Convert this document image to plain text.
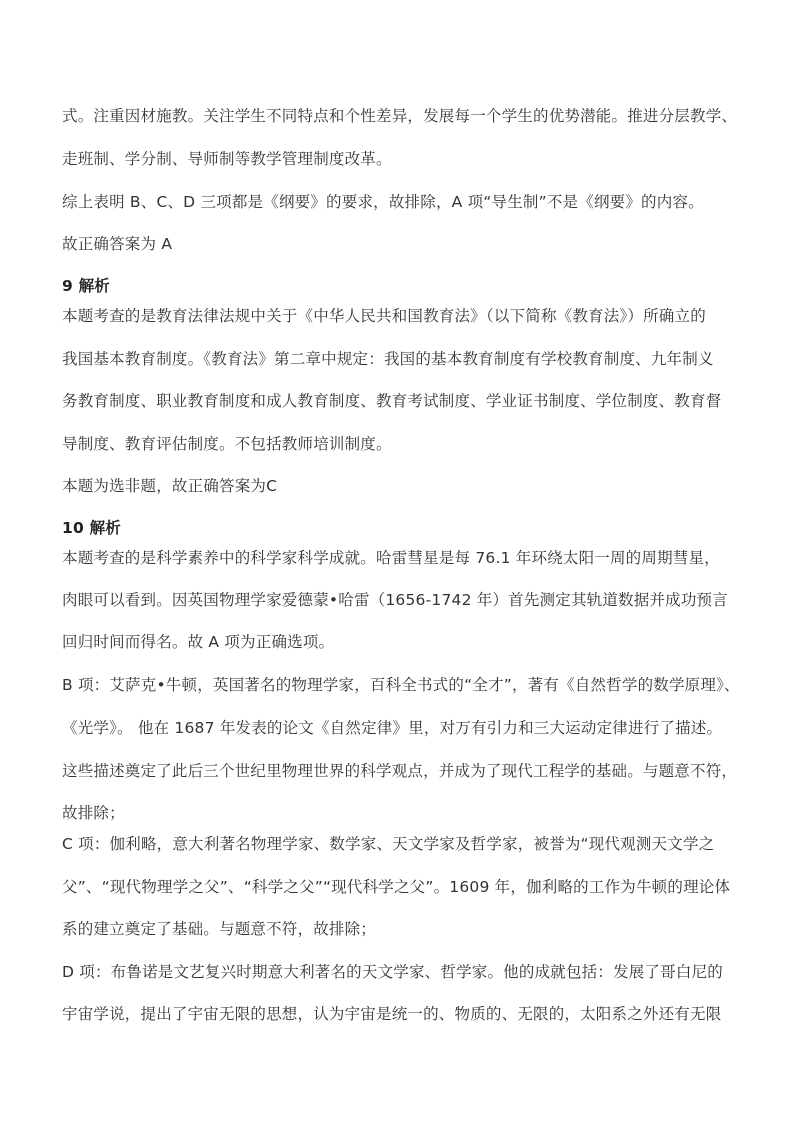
式。注重因材施教。关注学生不同特点和个性差异，发展每一个学生的优势潜能。推进分层教学、
走班制、学分制、导师制等教学管理制度改革。
综上表明 B、C、D 三项都是《纲要》的要求，故排除，A 项“导生制”不是《纲要》的内容。
故正确答案为 A
9 解析
本题考查的是教育法律法规中关于《中华人民共和国教育法》（以下简称《教育法》）所确立的
我国基本教育制度。《教育法》第二章中规定：我国的基本教育制度有学校教育制度、九年制义
务教育制度、职业教育制度和成人教育制度、教育考试制度、学业证书制度、学位制度、教育督
导制度、教育评估制度。不包括教师培训制度。
本题为选非题，故正确答案为C
10 解析
本题考查的是科学素养中的科学家科学成就。哈雷彗星是每 76.1 年环绕太阳一周的周期彗星，
肉眼可以看到。因英国物理学家爱德蒙•哈雷（1656-1742 年）首先测定其轨道数据并成功预言
回归时间而得名。故 A 项为正确选项。
B 项：艾萨克•牛顿，英国著名的物理学家，百科全书式的“全才”，著有《自然哲学的数学原理》、
《光学》。 他在 1687 年发表的论文《自然定律》里，对万有引力和三大运动定律进行了描述。
这些描述奠定了此后三个世纪里物理世界的科学观点，并成为了现代工程学的基础。与题意不符，
故排除；
C 项：伽利略，意大利著名物理学家、数学家、天文学家及哲学家，被誉为“现代观测天文学之
父”、“现代物理学之父”、“科学之父”“现代科学之父”。1609 年，伽利略的工作为牛顿的理论体
系的建立奠定了基础。与题意不符，故排除；
D 项：布鲁诺是文艺复兴时期意大利著名的天文学家、哲学家。他的成就包括：发展了哥白尼的
宇宙学说，提出了宇宙无限的思想，认为宇宙是统一的、物质的、无限的，太阳系之外还有无限
